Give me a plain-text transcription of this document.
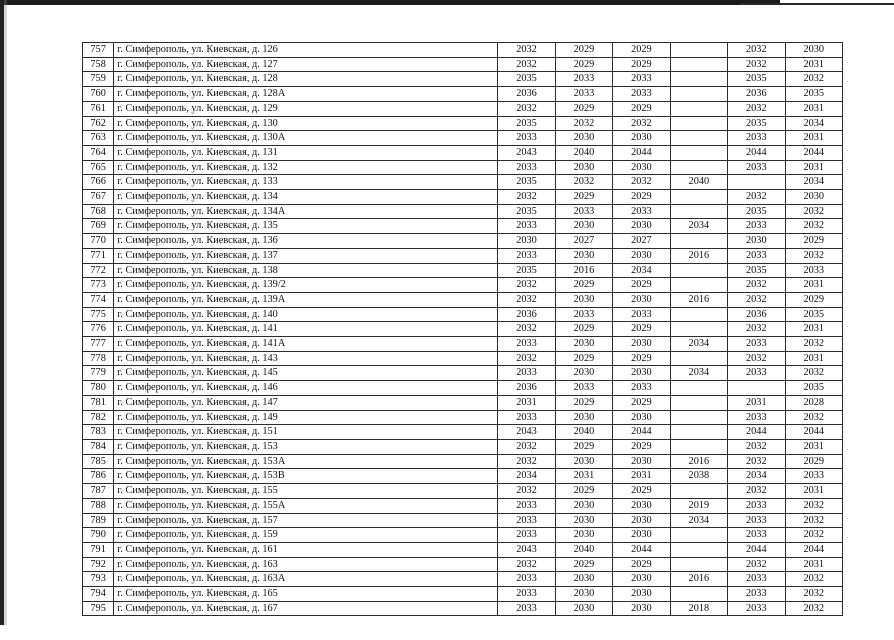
757	г. Симферополь, ул. Киевская, д. 126	2032	2029	2029		2032	2030
758	г. Симферополь, ул. Киевская, д. 127	2032	2029	2029		2032	2031
759	г. Симферополь, ул. Киевская, д. 128	2035	2033	2033		2035	2032
760	г. Симферополь, ул. Киевская, д. 128А	2036	2033	2033		2036	2035
761	г. Симферополь, ул. Киевская, д. 129	2032	2029	2029		2032	2031
762	г. Симферополь, ул. Киевская, д. 130	2035	2032	2032		2035	2034
763	г. Симферополь, ул. Киевская, д. 130А	2033	2030	2030		2033	2031
764	г. Симферополь, ул. Киевская, д. 131	2043	2040	2044		2044	2044
765	г. Симферополь, ул. Киевская, д. 132	2033	2030	2030		2033	2031
766	г. Симферополь, ул. Киевская, д. 133	2035	2032	2032	2040		2034
767	г. Симферополь, ул. Киевская, д. 134	2032	2029	2029		2032	2030
768	г. Симферополь, ул. Киевская, д. 134А	2035	2033	2033		2035	2032
769	г. Симферополь, ул. Киевская, д. 135	2033	2030	2030	2034	2033	2032
770	г. Симферополь, ул. Киевская, д. 136	2030	2027	2027		2030	2029
771	г. Симферополь, ул. Киевская, д. 137	2033	2030	2030	2016	2033	2032
772	г. Симферополь, ул. Киевская, д. 138	2035	2016	2034		2035	2033
773	г. Симферополь, ул. Киевская, д. 139/2	2032	2029	2029		2032	2031
774	г. Симферополь, ул. Киевская, д. 139А	2032	2030	2030	2016	2032	2029
775	г. Симферополь, ул. Киевская, д. 140	2036	2033	2033		2036	2035
776	г. Симферополь, ул. Киевская, д. 141	2032	2029	2029		2032	2031
777	г. Симферополь, ул. Киевская, д. 141А	2033	2030	2030	2034	2033	2032
778	г. Симферополь, ул. Киевская, д. 143	2032	2029	2029		2032	2031
779	г. Симферополь, ул. Киевская, д. 145	2033	2030	2030	2034	2033	2032
780	г. Симферополь, ул. Киевская, д. 146	2036	2033	2033			2035
781	г. Симферополь, ул. Киевская, д. 147	2031	2029	2029		2031	2028
782	г. Симферополь, ул. Киевская, д. 149	2033	2030	2030		2033	2032
783	г. Симферополь, ул. Киевская, д. 151	2043	2040	2044		2044	2044
784	г. Симферополь, ул. Киевская, д. 153	2032	2029	2029		2032	2031
785	г. Симферополь, ул. Киевская, д. 153А	2032	2030	2030	2016	2032	2029
786	г. Симферополь, ул. Киевская, д. 153В	2034	2031	2031	2038	2034	2033
787	г. Симферополь, ул. Киевская, д. 155	2032	2029	2029		2032	2031
788	г. Симферополь, ул. Киевская, д. 155А	2033	2030	2030	2019	2033	2032
789	г. Симферополь, ул. Киевская, д. 157	2033	2030	2030	2034	2033	2032
790	г. Симферополь, ул. Киевская, д. 159	2033	2030	2030		2033	2032
791	г. Симферополь, ул. Киевская, д. 161	2043	2040	2044		2044	2044
792	г. Симферополь, ул. Киевская, д. 163	2032	2029	2029		2032	2031
793	г. Симферополь, ул. Киевская, д. 163А	2033	2030	2030	2016	2033	2032
794	г. Симферополь, ул. Киевская, д. 165	2033	2030	2030		2033	2032
795	г. Симферополь, ул. Киевская, д. 167	2033	2030	2030	2018	2033	2032
